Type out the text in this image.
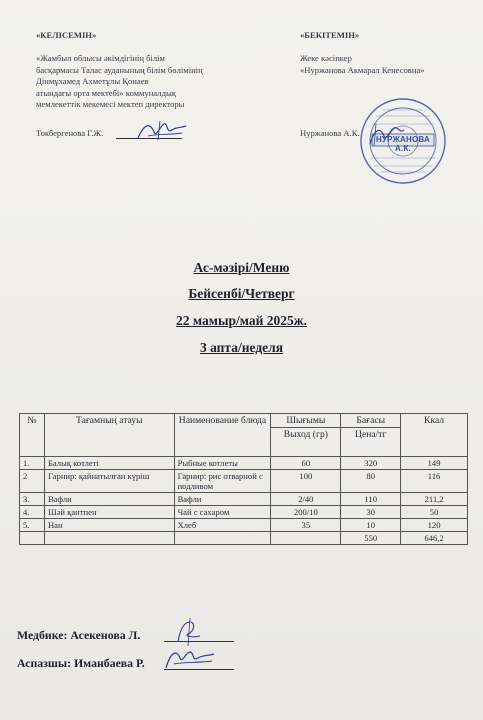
«КЕЛІСЕМІН»
«Жамбыл облысы әкімдігінің білім
басқармасы Талас ауданының білім бөлімінің
Дінмұхамед Ахметұлы Қонаев
атындағы орта мектебі» коммуналдық
мемлекеттік мекемесі мектеп директоры
Токбергенова Г.Ж.
«БЕКІТЕМІН»
Жеке кәсіпкер
«Нуржанова Акмарал Кенесовна»
Нуржанова А.К.
НУРЖАНОВА А.К.
Ас-мәзірі/Меню
Бейсенбі/Четверг
22 мамыр/май 2025ж.
3 апта/неделя
№	Тағамның атауы	Наименование блюда	Шығымы	Бағасы	Ккал
			Выход (гр)	Цена/тг	
1.	Балық котлеті	Рыбные котлеты	60	320	149
2	Гарнир: қайнатылған күріш	Гарнир: рис отварной с подливом	100	80	116
3.	Вафли	Вафли	2/40	110	211,2
4.	Шәй қантпен	Чай с сахаром	200/10	30	50
5.	Нан	Хлеб	35	10	120
				550	646,2
Медбике: Асекенова Л.
Аспазшы: Иманбаева Р.
